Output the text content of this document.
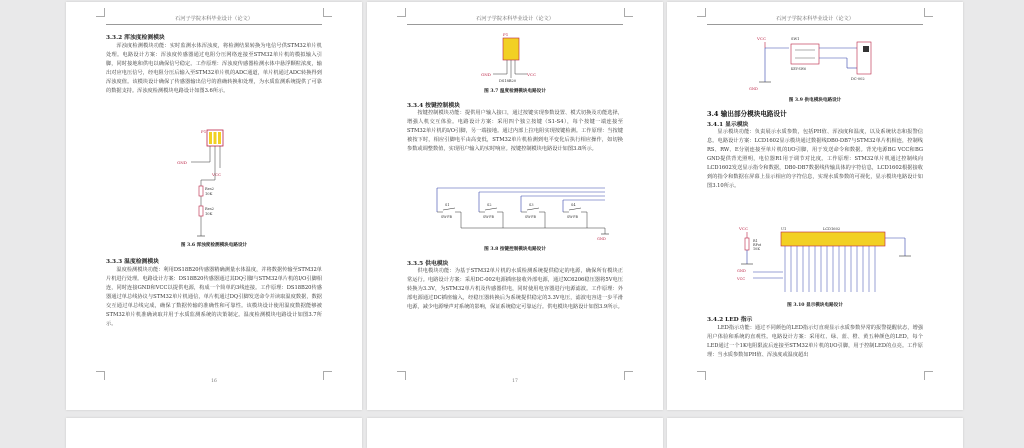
石河子学院本科毕业设计（论文）
3.3.2 浑浊度检测模块

浑浊度检测模块功能：实时监测水体浑浊度，将检测结果转换为电信号供STM32单片机处理。电路设计方案：浑浊度传感器通过电阻分压网络连接至STM32单片机的模拟输入引脚，同时接地和供电以确保信号稳定。工作原理：浑浊度传感器检测水体中悬浮颗粒浓度，输出对应电压信号，经电阻分压后输入至STM32单片机的ADC通道，单片机通过ADC转换得到浑浊度值。该模块设计确保了传感器输出信号的准确转换和处理，为水质监测系统提供了可靠的数据支持。浑浊度检测模块电路设计如图3.6所示。

P1
GND
VCC
Res2
10K
Res2
10K
图 3.6 浑浊度检测模块电路设计
3.3.3 温度检测模块

温度检测模块功能：利用DS18B20传感器精确测量水体温度，并将数据传输至STM32单片机进行处理。电路设计方案：DS18B20传感器通过其DQ引脚与STM32单片机的I/O引脚相连，同时连接GND和VCC以提供电源，构成一个简单的3线连接。工作原理：DS18B20传感器通过单总线协议与STM32单片机通信，单片机通过DQ引脚发送命令并读取温度数据，数据交互通过单总线完成，确保了数据传输的准确性和可靠性。该模块设计使用温度数据能够被STM32单片机准确读取并用于水质监测系统的决策制定。温度检测模块电路设计如图3.7所示。

16
石河子学院本科毕业设计（论文）
P1
GND	VCC
DS18B20
图 3.7 温度检测模块电路设计
3.3.4 按键控制模块

按键控制模块功能：提供用户输入接口，通过按键实现参数设置、模式切换及功能选择，增强人机交互体验。电路设计方案：采用四个独立按键（S1-S4），每个按键一端连接至STM32单片机的I/O引脚，另一端接地。通过内部上拉电阻实现按键检测。工作原理：当按键被按下时，相应引脚电平由高变低，STM32单片机检测到电平变化后执行相应操作，如切换参数或调整数值，实现用户输入的实时响应。按键控制模块电路设计如图3.8所示。

S1
SW-PB
S2
SW-PB
S3
SW-PB
S4
SW-PB
GND
图 3.8 按键控制模块电路设计
3.3.5 供电模块

供电模块功能：为基于STM32单片机的水质检测系统提供稳定的电源，确保所有模块正常运行。电路设计方案：采用DC-002电源插座接收外部电源，通过XC6206稳压器将5V电压转换为3.3V，为STM32单片机及传感器供电，同时使用电容器进行电源滤波。工作原理：外部电源通过DC插座输入，经稳压器转换后为系统提供稳定的3.3V电压，滤波电容进一步平滑电源，减少电源噪声对系统的影响，保证系统稳定可靠运行。供电模块电路设计如图3.9所示。

17
石河子学院本科毕业设计（论文）
VCC	SW1
KEY-SW6
DC-002
GND
图 3.9 供电模块电路设计
3.4 输出部分模块电路设计
3.4.1 显示模块

显示模块功能：负责展示水质参数，包括PH值、浑浊度和温度，以及系统状态和报警信息。电路设计方案：LCD1602显示模块通过数据线DB0-DB7与STM32单片机相连，控制线RS、RW、E分别连接至单片机的I/O引脚，用于发送命令和数据。背光电源BG VCC和BG GND提供背光照明，电位器R1用于调节对比度。工作原理：STM32单片机通过控制线向LCD1602发送显示指令和数据，DB0-DB7数据线传输具体的字符信息，LCD1602根据接收到的指令和数据在屏幕上显示相应的字符信息，实现水质参数的可视化，显示模块电路设计如图3.10所示。

VCC
R1
RPot
10K
GND
VCC
U1	LCD1602
图 3.10 显示模块电路设计
3.4.2 LED 指示

LED指示功能：通过不同颜色的LED指示灯直观显示水质参数异常的报警提醒状态，增强用户体验和系统的直观性。电路设计方案：采用红、绿、蓝、橙、黄五种颜色的LED，每个LED通过一个1K电阻限流后连接至STM32单片机的I/O引脚，用于控制LED的点亮。工作原理：当水质参数如PH值、浑浊度或温度超出
